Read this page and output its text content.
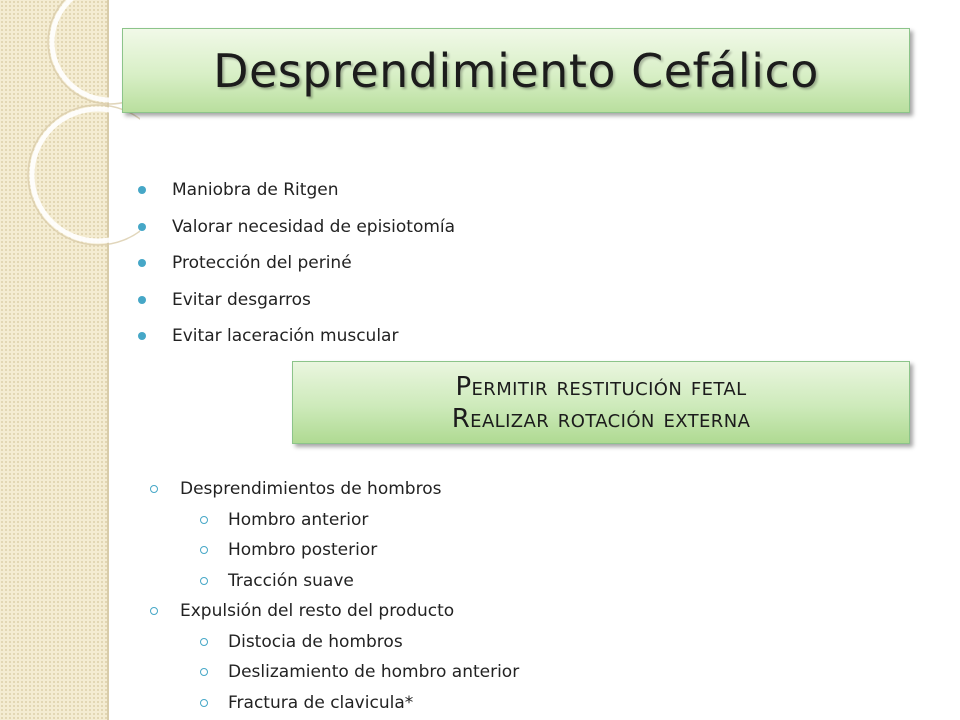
Desprendimiento Cefálico
Maniobra de Ritgen
Valorar necesidad de episiotomía
Protección del periné
Evitar desgarros
Evitar laceración muscular
Permitir restitución fetal
Realizar rotación externa
Desprendimientos de hombros
Hombro anterior
Hombro posterior
Tracción suave
Expulsión del resto del producto
Distocia de hombros
Deslizamiento de hombro anterior
Fractura de clavicula*
